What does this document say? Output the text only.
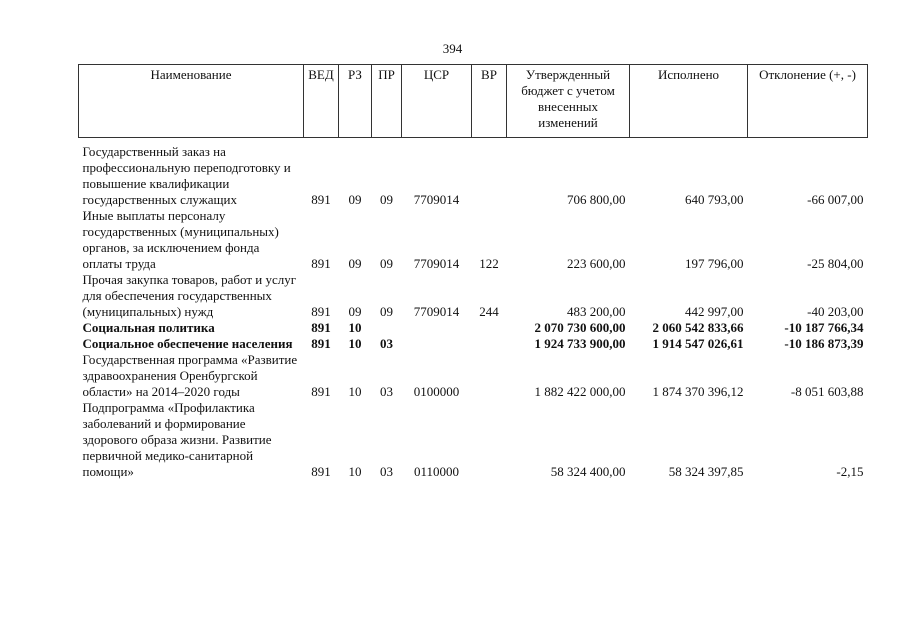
394
Наименование	ВЕД	РЗ	ПР	ЦСР	ВР	Утвержденный бюджет с учетом внесенных изменений	Исполнено	Отклонение (+, -)

Государственный заказ на профессиональную переподготовку и повышение квалификации государственных служащих	891	09	09	7709014		706 800,00	640 793,00	-66 007,00
Иные выплаты персоналу государственных (муниципальных) органов, за исключением фонда оплаты труда	891	09	09	7709014	122	223 600,00	197 796,00	-25 804,00
Прочая закупка товаров, работ и услуг для обеспечения государственных (муниципальных) нужд	891	09	09	7709014	244	483 200,00	442 997,00	-40 203,00
Социальная политика	891	10				2 070 730 600,00	2 060 542 833,66	-10 187 766,34
Социальное обеспечение населения	891	10	03			1 924 733 900,00	1 914 547 026,61	-10 186 873,39
Государственная программа «Развитие здравоохранения Оренбургской области» на 2014–2020 годы	891	10	03	0100000		1 882 422 000,00	1 874 370 396,12	-8 051 603,88
Подпрограмма «Профилактика заболеваний и формирование здорового образа жизни. Развитие первичной медико-санитарной помощи»	891	10	03	0110000		58 324 400,00	58 324 397,85	-2,15
